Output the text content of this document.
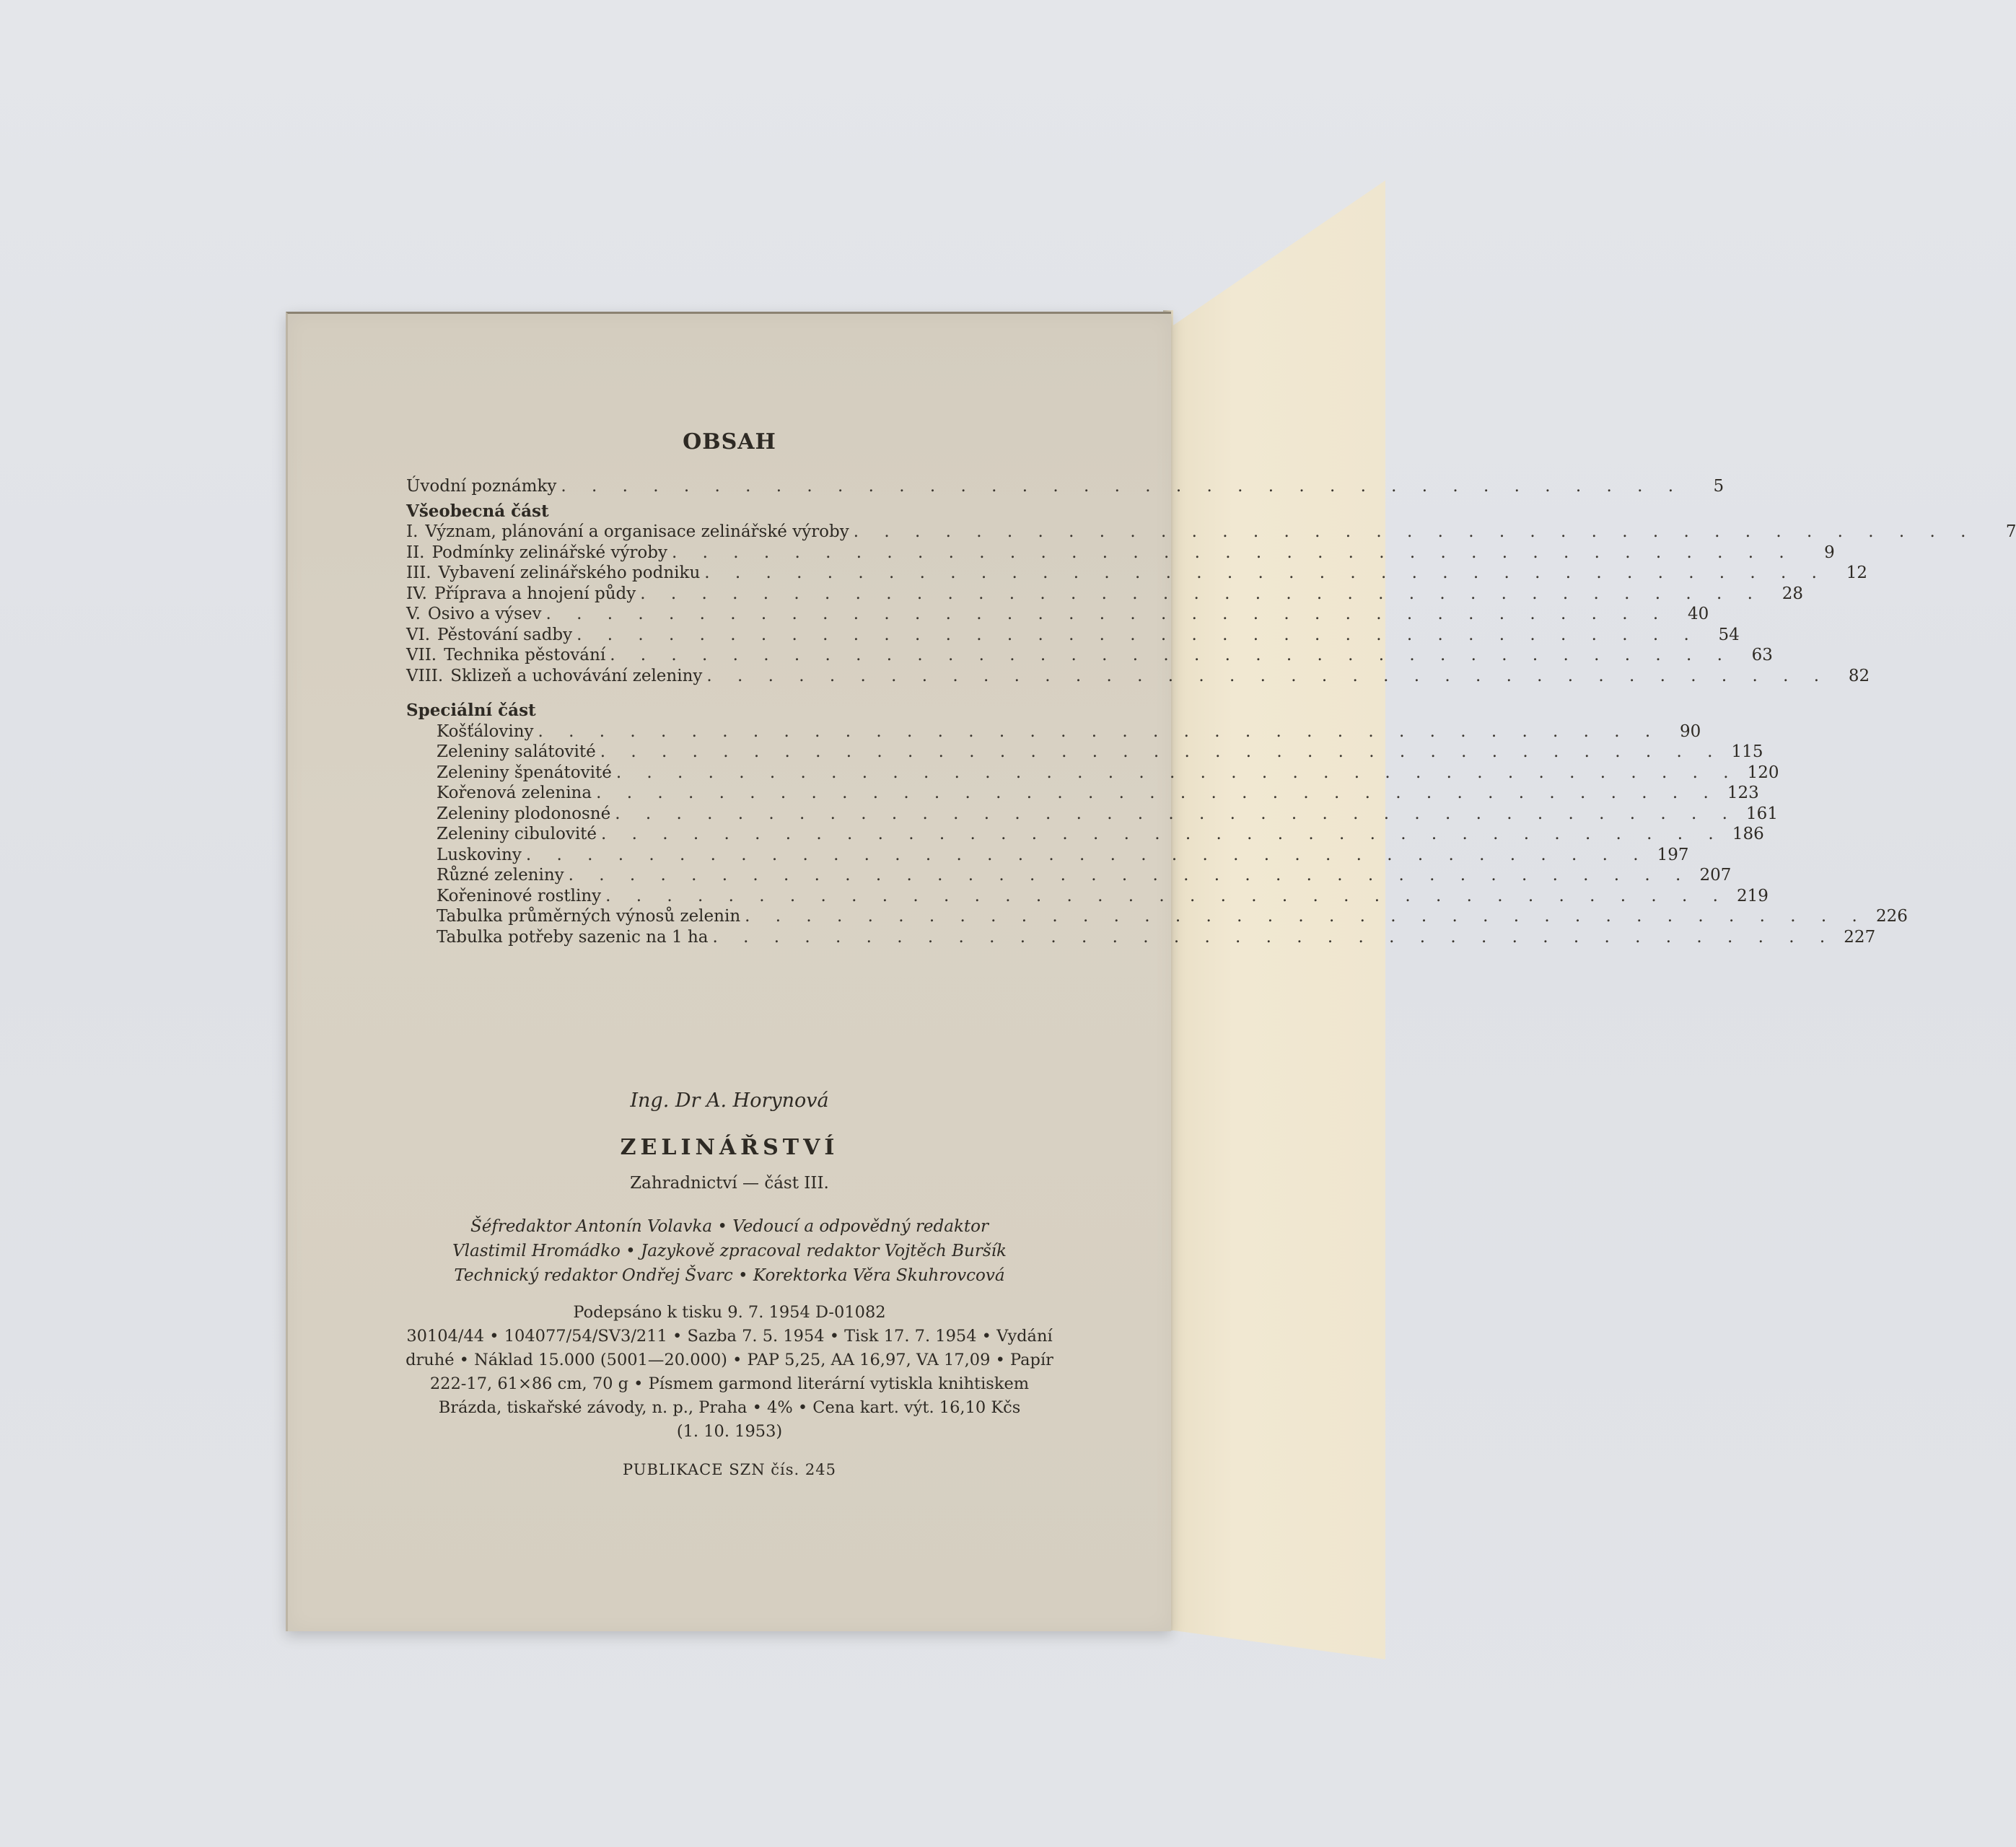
OBSAH
Úvodní poznámky . . . . . . . . . . . . . . . . . . . . . . . . . . . . . . . . . . . . .	5
Všeobecná část
I. Význam, plánování a organisace zelinářské výroby . . . . . . . . . . . . . . . . . . . . . . . . . . . . . . . . . . . . .	7
II. Podmínky zelinářské výroby . . . . . . . . . . . . . . . . . . . . . . . . . . . . . . . . . . . . .	9
III. Vybavení zelinářského podniku . . . . . . . . . . . . . . . . . . . . . . . . . . . . . . . . . . . . .	12
IV. Příprava a hnojení půdy . . . . . . . . . . . . . . . . . . . . . . . . . . . . . . . . . . . . .	28
V. Osivo a výsev . . . . . . . . . . . . . . . . . . . . . . . . . . . . . . . . . . . . .	40
VI. Pěstování sadby . . . . . . . . . . . . . . . . . . . . . . . . . . . . . . . . . . . . .	54
VII. Technika pěstování . . . . . . . . . . . . . . . . . . . . . . . . . . . . . . . . . . . . .	63
VIII. Sklizeň a uchovávání zeleniny . . . . . . . . . . . . . . . . . . . . . . . . . . . . . . . . . . . . .	82
Speciální část
Košťáloviny . . . . . . . . . . . . . . . . . . . . . . . . . . . . . . . . . . . . .	90
Zeleniny salátovité . . . . . . . . . . . . . . . . . . . . . . . . . . . . . . . . . . . . . 115
Zeleniny špenátovité . . . . . . . . . . . . . . . . . . . . . . . . . . . . . . . . . . . . . 120
Kořenová zelenina . . . . . . . . . . . . . . . . . . . . . . . . . . . . . . . . . . . . . 123
Zeleniny plodonosné . . . . . . . . . . . . . . . . . . . . . . . . . . . . . . . . . . . . . 161
Zeleniny cibulovité . . . . . . . . . . . . . . . . . . . . . . . . . . . . . . . . . . . . . 186
Luskoviny . . . . . . . . . . . . . . . . . . . . . . . . . . . . . . . . . . . . . 197
Různé zeleniny . . . . . . . . . . . . . . . . . . . . . . . . . . . . . . . . . . . . . 207
Kořeninové rostliny . . . . . . . . . . . . . . . . . . . . . . . . . . . . . . . . . . . . . 219
Tabulka průměrných výnosů zelenin . . . . . . . . . . . . . . . . . . . . . . . . . . . . . . . . . . . . . 226
Tabulka potřeby sazenic na 1 ha . . . . . . . . . . . . . . . . . . . . . . . . . . . . . . . . . . . . . 227
Ing. Dr A. Horynová
ZELINÁŘSTVÍ
Zahradnictví — část III.
Šéfredaktor Antonín Volavka • Vedoucí a odpovědný redaktor
Vlastimil Hromádko • Jazykově zpracoval redaktor Vojtěch Buršík
Technický redaktor Ondřej Švarc • Korektorka Věra Skuhrovcová
Podepsáno k tisku 9. 7. 1954 D-01082
30104/44 • 104077/54/SV3/211 • Sazba 7. 5. 1954 • Tisk 17. 7. 1954 • Vydání
druhé • Náklad 15.000 (5001—20.000) • PAP 5,25, AA 16,97, VA 17,09 • Papír
222-17, 61×86 cm, 70 g • Písmem garmond literární vytiskla knihtiskem
Brázda, tiskařské závody, n. p., Praha • 4% • Cena kart. výt. 16,10 Kčs
(1. 10. 1953)
PUBLIKACE SZN čís. 245
